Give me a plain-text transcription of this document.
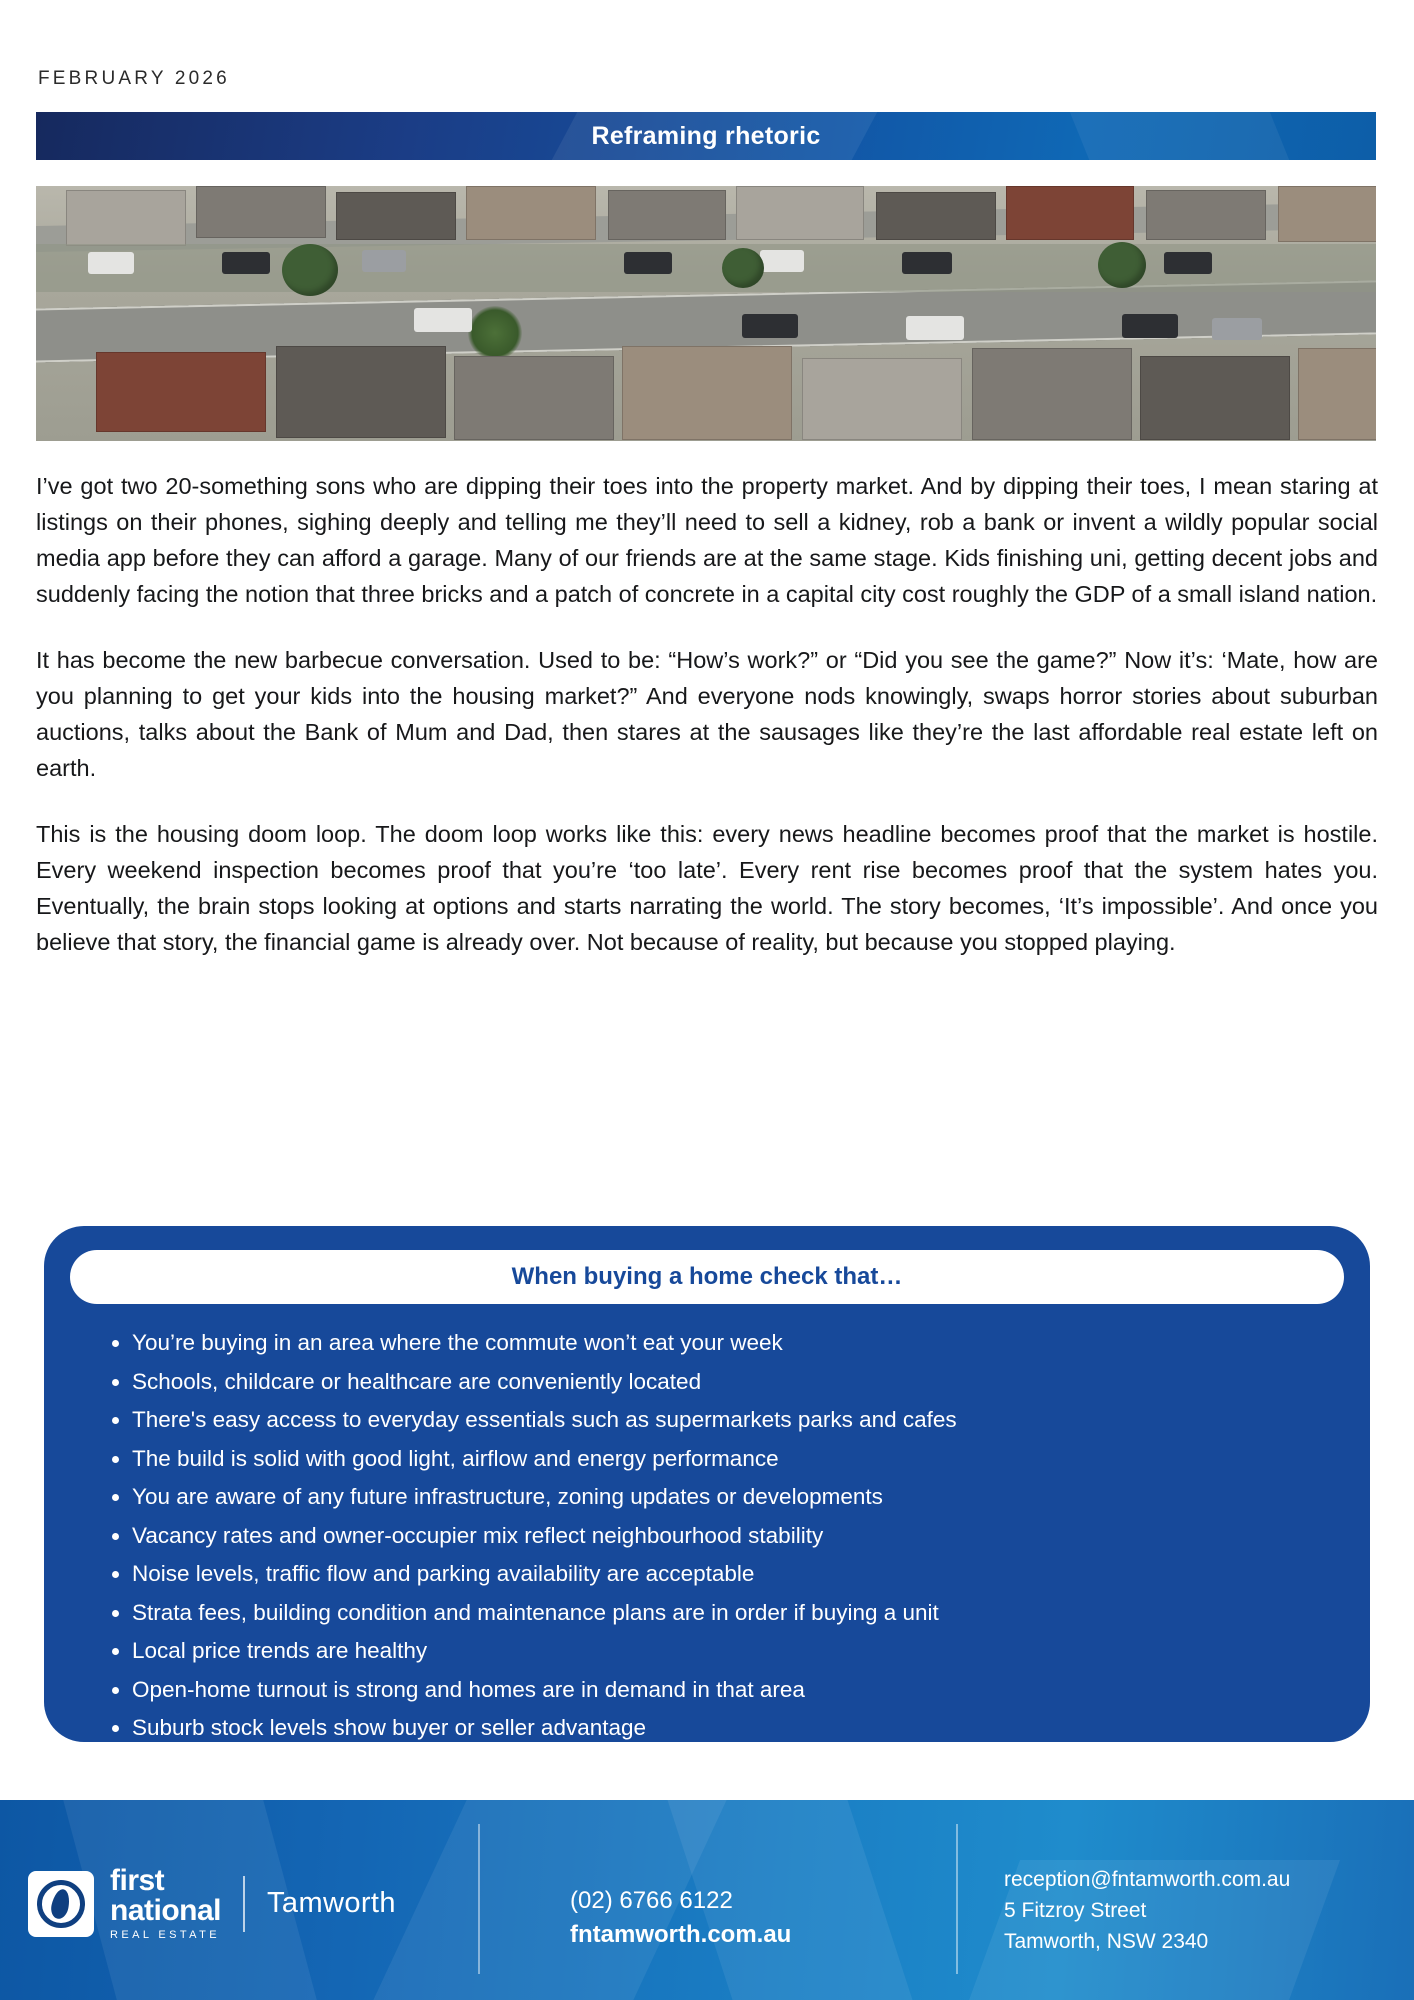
FEBRUARY 2026
Reframing rhetoric

I’ve got two 20-something sons who are dipping their toes into the property market. And by dipping their toes, I mean staring at listings on their phones, sighing deeply and telling me they’ll need to sell a kidney, rob a bank or invent a wildly popular social media app before they can afford a garage. Many of our friends are at the same stage. Kids finishing uni, getting decent jobs and suddenly facing the notion that three bricks and a patch of concrete in a capital city cost roughly the GDP of a small island nation.

It has become the new barbecue conversation. Used to be: “How’s work?” or “Did you see the game?” Now it’s: ‘Mate, how are you planning to get your kids into the housing market?” And everyone nods knowingly, swaps horror stories about suburban auctions, talks about the Bank of Mum and Dad, then stares at the sausages like they’re the last affordable real estate left on earth.

This is the housing doom loop. The doom loop works like this: every news headline becomes proof that the market is hostile. Every weekend inspection becomes proof that you’re ‘too late’. Every rent rise becomes proof that the system hates you. Eventually, the brain stops looking at options and starts narrating the world. The story becomes, ‘It’s impossible’. And once you believe that story, the financial game is already over. Not because of reality, but because you stopped playing.

When buying a home check that…
• You’re buying in an area where the commute won’t eat your week
• Schools, childcare or healthcare are conveniently located
• There's easy access to everyday essentials such as supermarkets parks and cafes
• The build is solid with good light, airflow and energy performance
• You are aware of any future infrastructure, zoning updates or developments
• Vacancy rates and owner-occupier mix reflect neighbourhood stability
• Noise levels, traffic flow and parking availability are acceptable
• Strata fees, building condition and maintenance plans are in order if buying a unit
• Local price trends are healthy
• Open-home turnout is strong and homes are in demand in that area
• Suburb stock levels show buyer or seller advantage
first
national
REAL ESTATE
Tamworth	(02) 6766 6122
fntamworth.com.au
reception@fntamworth.com.au
5 Fitzroy Street
Tamworth, NSW 2340
